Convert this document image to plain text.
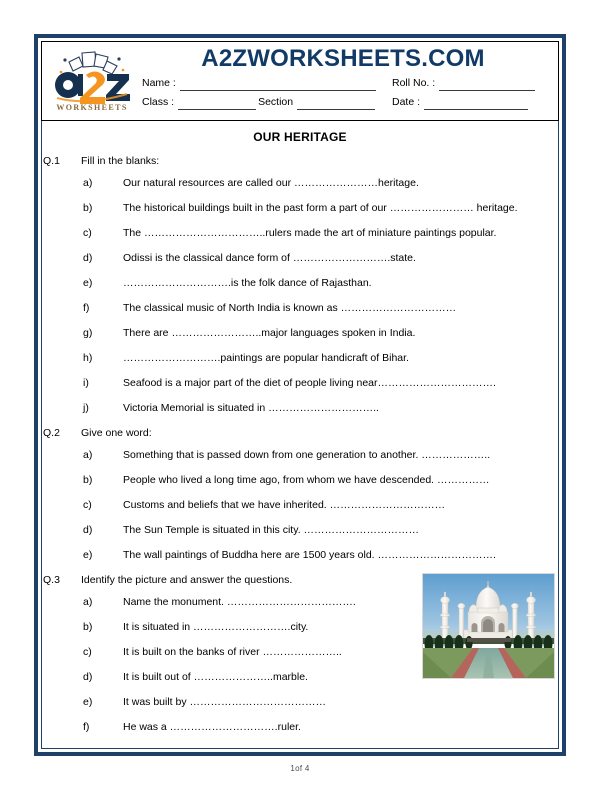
WORKSHEETS
A2ZWORKSHEETS.COM
Name :	Roll No. :
Class :	Section	Date :
OUR HERITAGE
Q.1	Fill in the blanks:
a)	Our natural resources are called our ……………………heritage.
b)	The historical buildings built in the past form a part of our …………………… heritage.
c)	The ……………………………..rulers made the art of miniature paintings popular.
d)	Odissi is the classical dance form of ……………………….state.
e)	………………………….is the folk dance of Rajasthan.
f)	The classical music of North India is known as ……………………………
g)	There are ……………………..major languages spoken in India.
h)	……………………….paintings are popular handicraft of Bihar.
i)	Seafood is a major part of the diet of people living near…………………………….
j)	Victoria Memorial is situated in …………………………..
Q.2	Give one word:
a)	Something that is passed down from one generation to another. ………………..
b)	People who lived a long time ago, from whom we have descended. ……………
c)	Customs and beliefs that we have inherited. ……………………………
d)	The Sun Temple is situated in this city. ……………………………
e)	The wall paintings of Buddha here are 1500 years old. …………………………….
Q.3	Identify the picture and answer the questions.
a)	Name the monument. ……………………………….
b)	It is situated in ……………………….city.
c)	It is built on the banks of river …………………..
d)	It is built out of …………………..marble.
e)	It was built by …………………………………
f)	He was a ………………………….ruler.
1of 4
